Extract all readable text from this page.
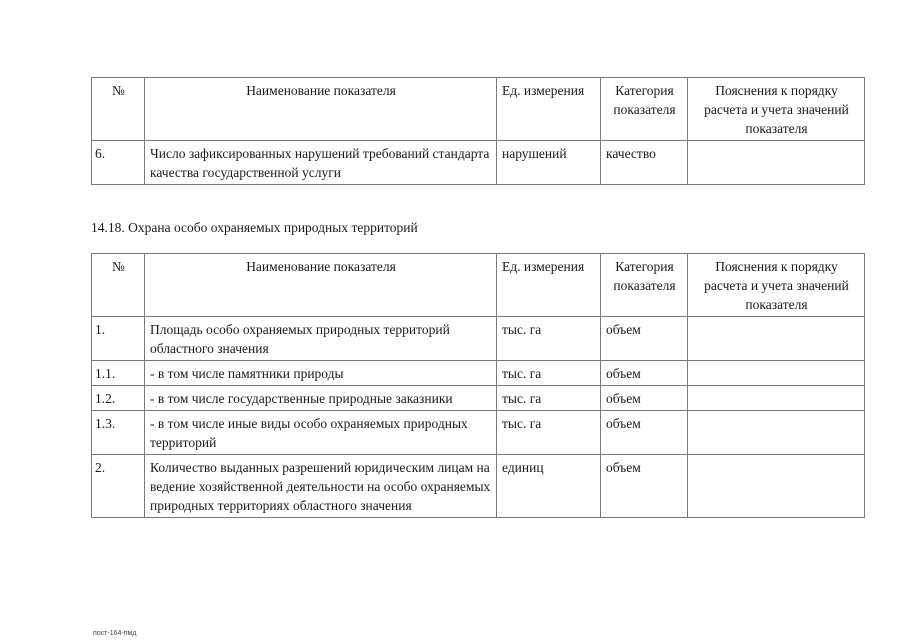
№	Наименование показателя	Ед. измерения	Категория показателя	Пояснения к порядку расчета и учета значений показателя
6.	Число зафиксированных нарушений требований стандарта качества государственной услуги	нарушений	качество	
14.18. Охрана особо охраняемых природных территорий
№	Наименование показателя	Ед. измерения	Категория показателя	Пояснения к порядку расчета и учета значений показателя
1.	Площадь особо охраняемых природных территорий областного значения	тыс. га	объем	
1.1.	- в том числе памятники природы	тыс. га	объем	
1.2.	- в том числе государственные природные заказники	тыс. га	объем	
1.3.	- в том числе иные виды особо охраняемых природных территорий	тыс. га	объем	
2.	Количество выданных разрешений юридическим лицам на ведение хозяйственной деятельности на особо охраняемых природных территориях областного значения	единиц	объем	
пост-164-пмд
